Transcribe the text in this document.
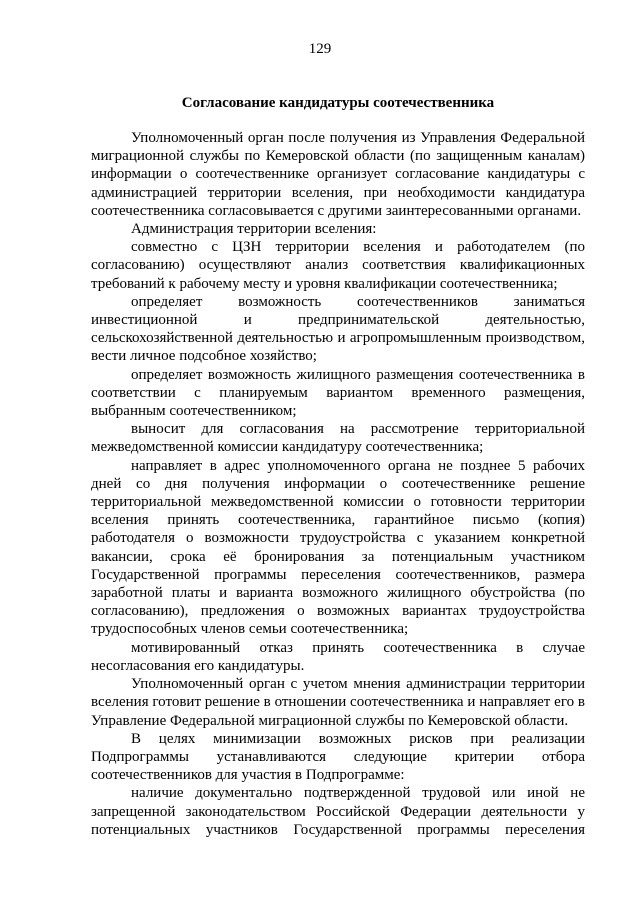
129
Согласование кандидатуры соотечественника

Уполномоченный орган после получения из Управления Федеральной миграционной службы по Кемеровской области (по защищенным каналам) информации о соотечественнике организует согласование кандидатуры с администрацией территории вселения, при необходимости кандидатура соотечественника согласовывается с другими заинтересованными органами.

Администрация территории вселения:

совместно с ЦЗН территории вселения и работодателем (по согласованию) осуществляют анализ соответствия квалификационных требований к рабочему месту и уровня квалификации соотечественника;

определяет возможность соотечественников заниматься инвестиционной и предпринимательской деятельностью, сельскохозяйственной деятельностью и агропромышленным производством, вести личное подсобное хозяйство;

определяет возможность жилищного размещения соотечественника в соответствии с планируемым вариантом временного размещения, выбранным соотечественником;

выносит для согласования на рассмотрение территориальной межведомственной комиссии кандидатуру соотечественника;

направляет в адрес уполномоченного органа не позднее 5 рабочих дней со дня получения информации о соотечественнике решение территориальной межведомственной комиссии о готовности территории вселения принять соотечественника, гарантийное письмо (копия) работодателя о возможности трудоустройства с указанием конкретной вакансии, срока её бронирования за потенциальным участником Государственной программы переселения соотечественников, размера заработной платы и варианта возможного жилищного обустройства (по согласованию), предложения о возможных вариантах трудоустройства трудоспособных членов семьи соотечественника;

мотивированный отказ принять соотечественника в случае несогласования его кандидатуры.

Уполномоченный орган с учетом мнения администрации территории вселения готовит решение в отношении соотечественника и направляет его в Управление Федеральной миграционной службы по Кемеровской области.

В целях минимизации возможных рисков при реализации Подпрограммы устанавливаются следующие критерии отбора соотечественников для участия в Подпрограмме:

наличие документально подтвержденной трудовой или иной не запрещенной законодательством Российской Федерации деятельности у потенциальных участников Государственной программы переселения
